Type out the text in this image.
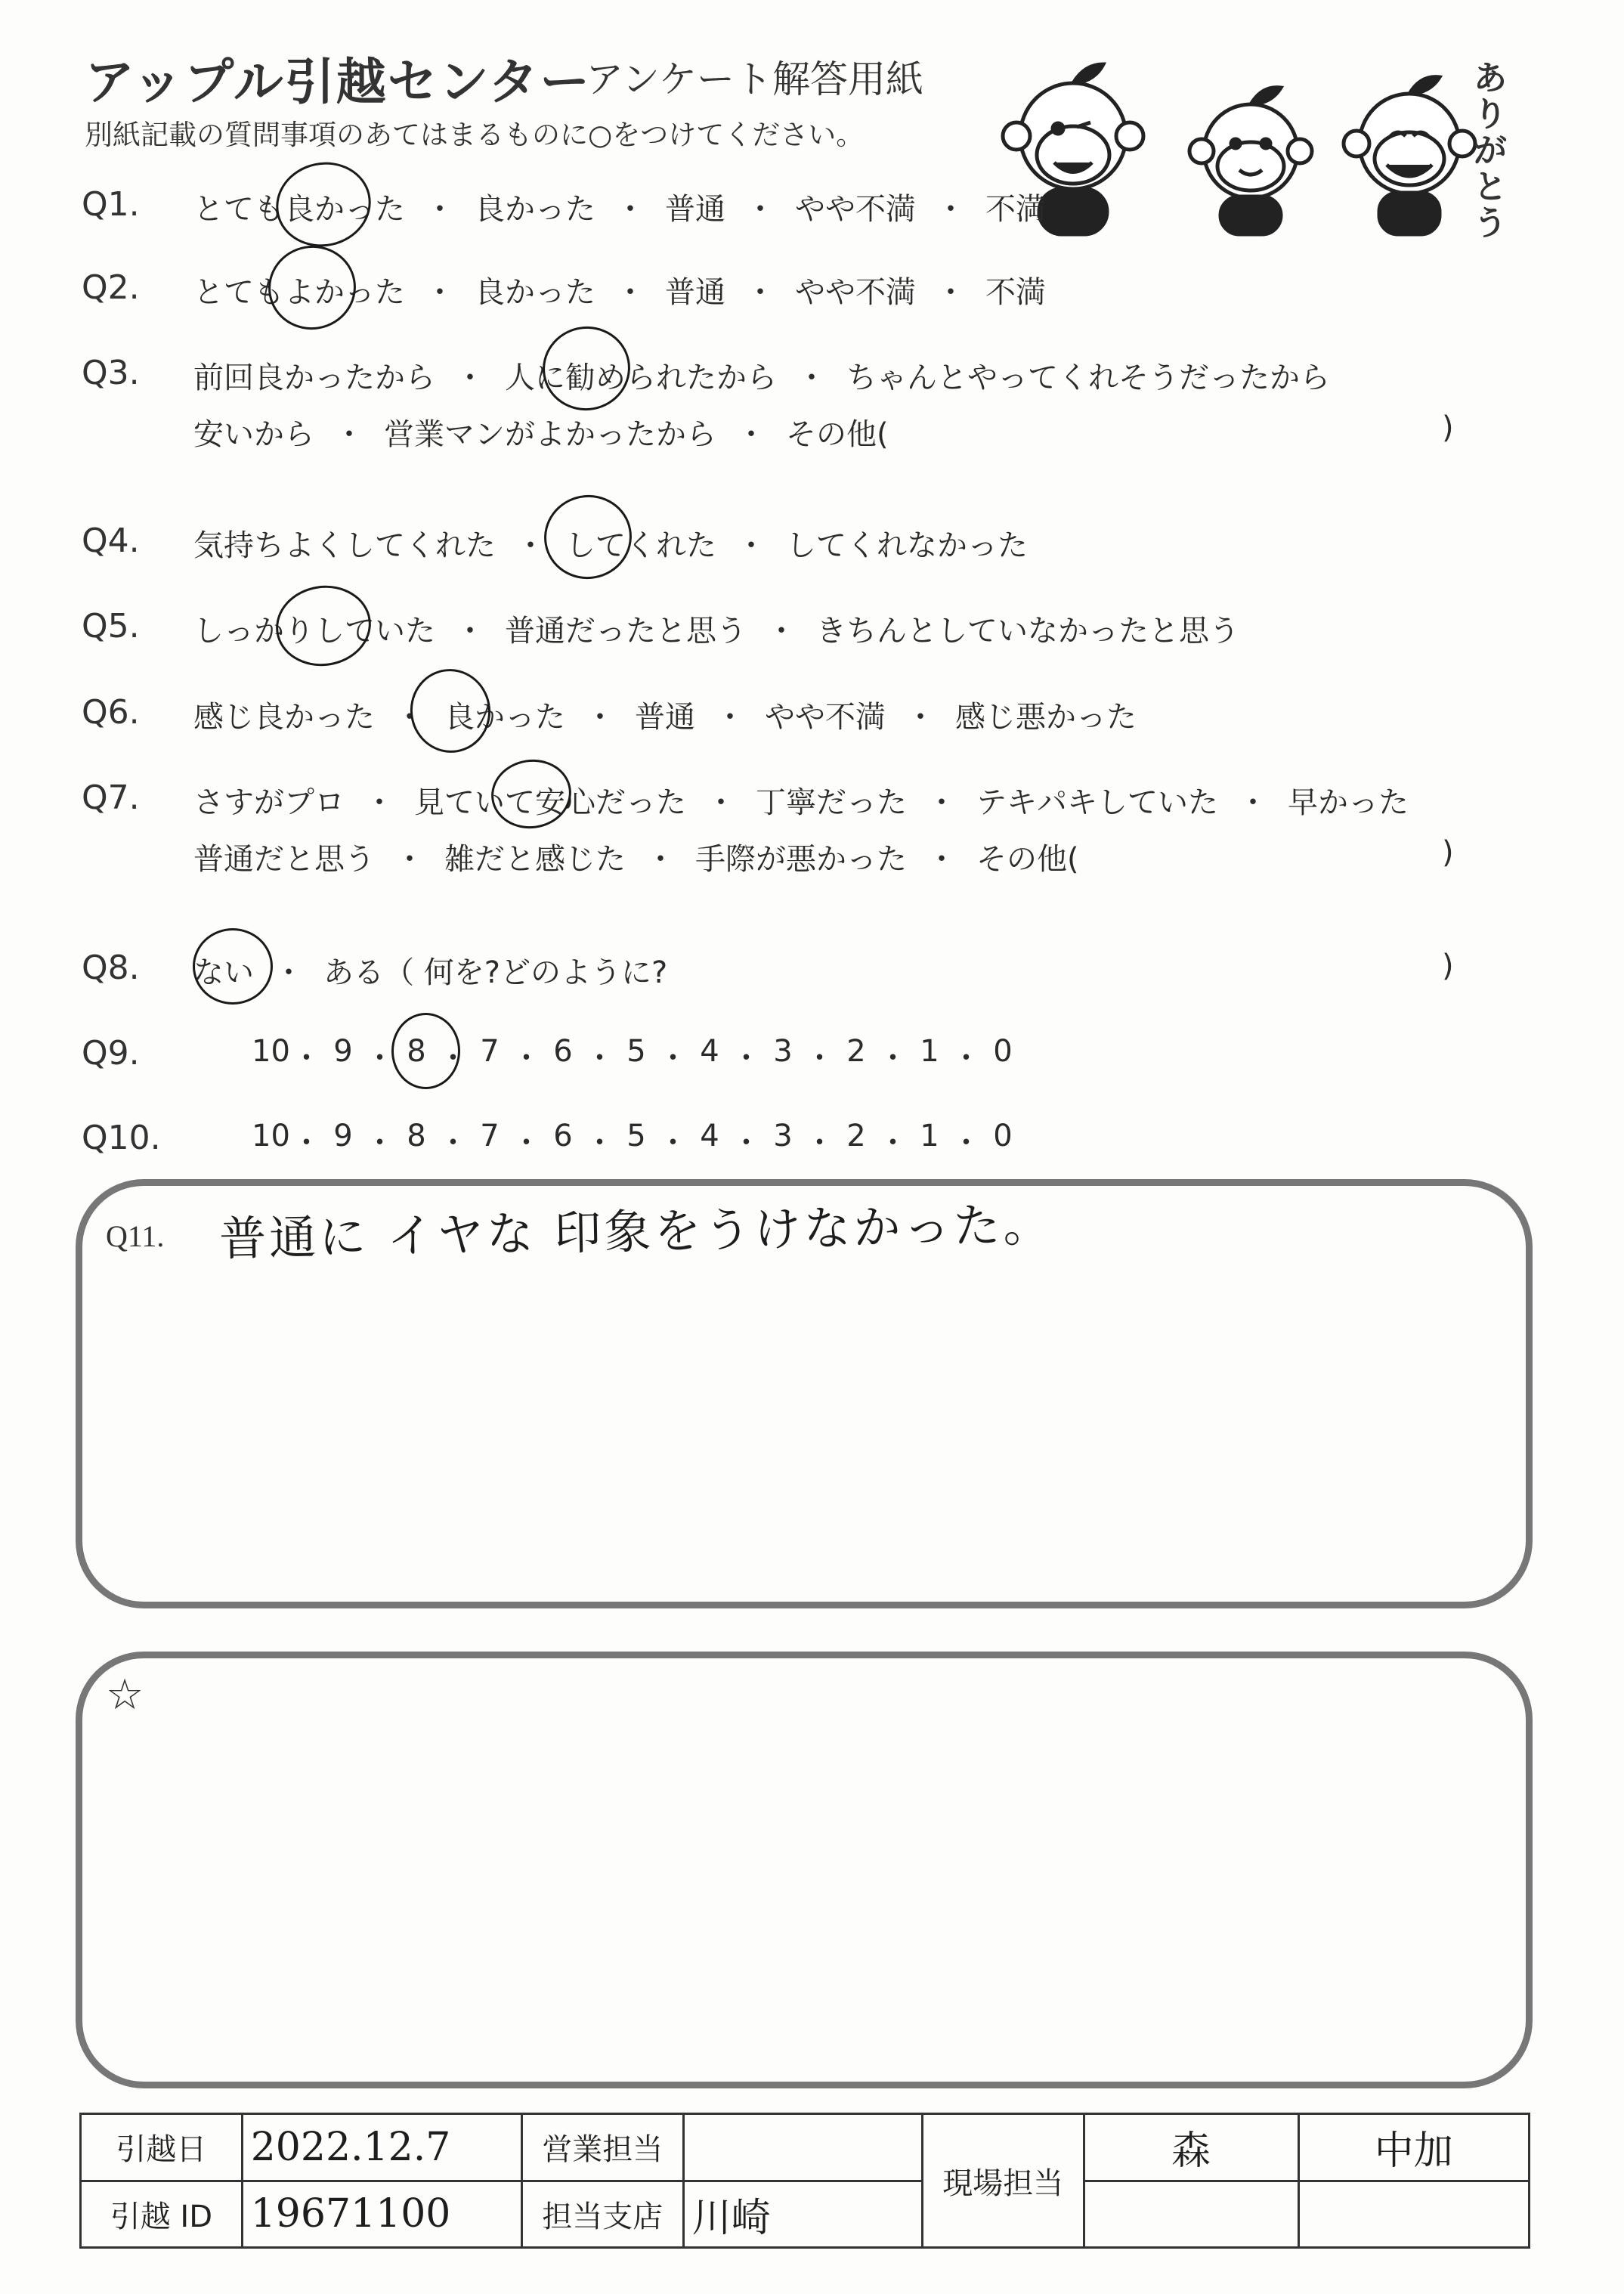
アップル引越センター
アンケート解答用紙
別紙記載の質問事項のあてはまるものに○をつけてください。
ありがとう
Q1. とても良かった ・ 良かった ・ 普通 ・ やや不満 ・ 不満
Q2. とてもよかった ・ 良かった ・ 普通 ・ やや不満 ・ 不満
Q3. 前回良かったから ・ 人に勧められたから ・ ちゃんとやってくれそうだったから
安いから ・ 営業マンがよかったから ・ その他(	)
Q4. 気持ちよくしてくれた ・ してくれた ・ してくれなかった
Q5. しっかりしていた ・ 普通だったと思う ・ きちんとしていなかったと思う
Q6. 感じ良かった ・ 良かった ・ 普通 ・ やや不満 ・ 感じ悪かった
Q7. さすがプロ ・ 見ていて安心だった ・ 丁寧だった ・ テキパキしていた ・ 早かった
普通だと思う ・ 雑だと感じた ・ 手際が悪かった ・ その他(	)
Q8. ない ・ ある（ 何を?どのように?	)
Q9.	10 ・ 9 ・ 8 ・ 7 ・ 6 ・ 5 ・ 4 ・ 3 ・ 2 ・ 1 ・ 0
Q10.	10 ・ 9 ・ 8 ・ 7 ・ 6 ・ 5 ・ 4 ・ 3 ・ 2 ・ 1 ・ 0
Q11. 普通に イヤな 印象をうけなかった。
☆
引越日	2022.12.7	営業担当		現場担当	森	中加
引越 ID	19671100	担当支店	川崎			
